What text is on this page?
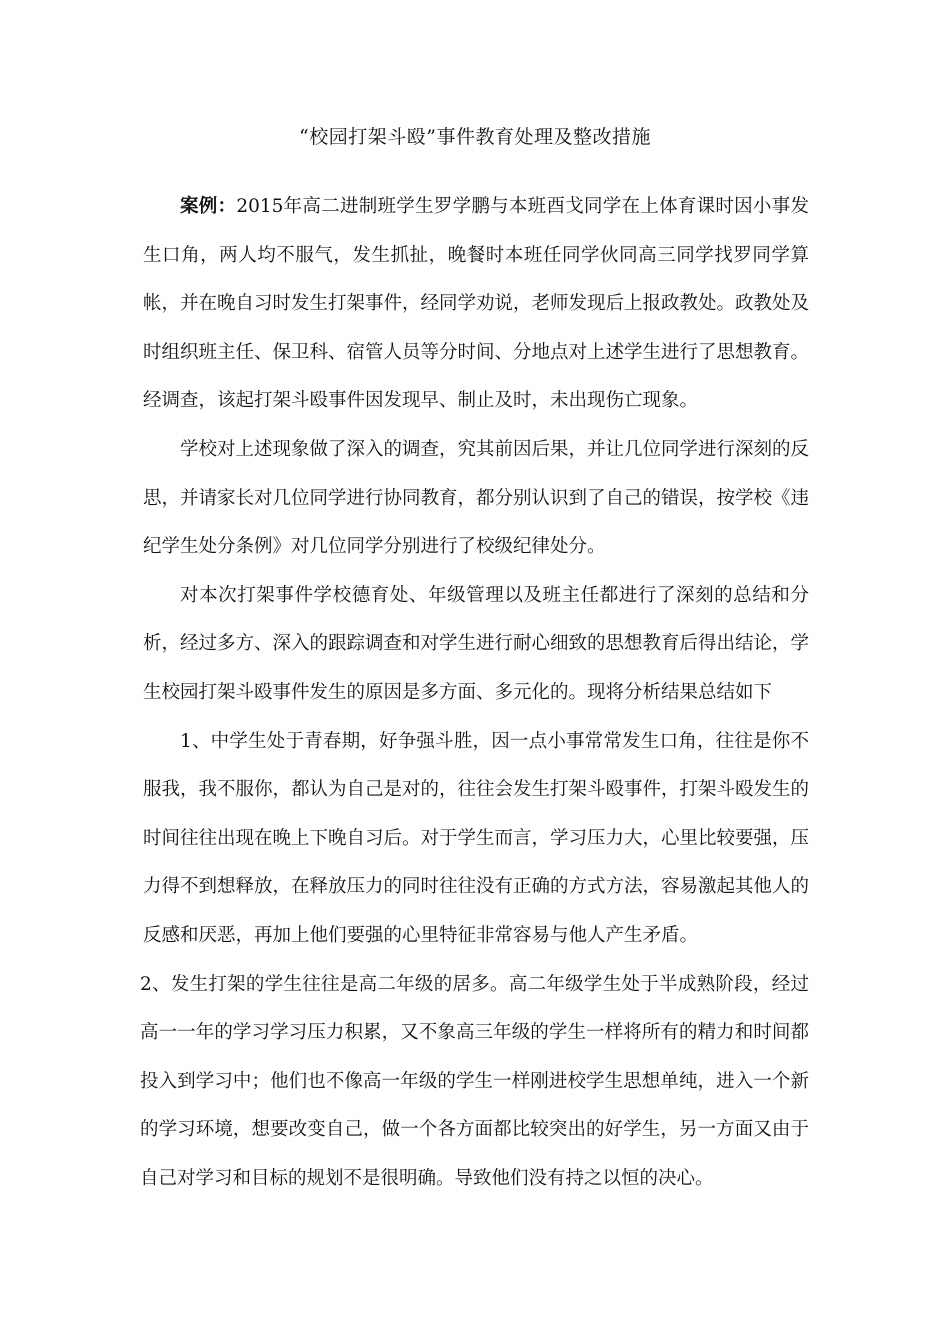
“校园打架斗殴”事件教育处理及整改措施

案例：2015年高二进制班学生罗学鹏与本班酉戈同学在上体育课时因小事发生口角，两人均不服气，发生抓扯，晚餐时本班任同学伙同高三同学找罗同学算帐，并在晚自习时发生打架事件，经同学劝说，老师发现后上报政教处。政教处及时组织班主任、保卫科、宿管人员等分时间、分地点对上述学生进行了思想教育。经调查，该起打架斗殴事件因发现早、制止及时，未出现伤亡现象。

学校对上述现象做了深入的调查，究其前因后果，并让几位同学进行深刻的反思，并请家长对几位同学进行协同教育，都分别认识到了自己的错误，按学校《违纪学生处分条例》对几位同学分别进行了校级纪律处分。

对本次打架事件学校德育处、年级管理以及班主任都进行了深刻的总结和分析，经过多方、深入的跟踪调查和对学生进行耐心细致的思想教育后得出结论，学生校园打架斗殴事件发生的原因是多方面、多元化的。现将分析结果总结如下

1、中学生处于青春期，好争强斗胜，因一点小事常常发生口角，往往是你不服我，我不服你，都认为自己是对的，往往会发生打架斗殴事件，打架斗殴发生的时间往往出现在晚上下晚自习后。对于学生而言，学习压力大，心里比较要强，压力得不到想释放，在释放压力的同时往往没有正确的方式方法，容易激起其他人的反感和厌恶，再加上他们要强的心里特征非常容易与他人产生矛盾。

2、发生打架的学生往往是高二年级的居多。高二年级学生处于半成熟阶段，经过高一一年的学习学习压力积累，又不象高三年级的学生一样将所有的精力和时间都投入到学习中；他们也不像高一年级的学生一样刚进校学生思想单纯，进入一个新的学习环境，想要改变自己，做一个各方面都比较突出的好学生，另一方面又由于自己对学习和目标的规划不是很明确。导致他们没有持之以恒的决心。
